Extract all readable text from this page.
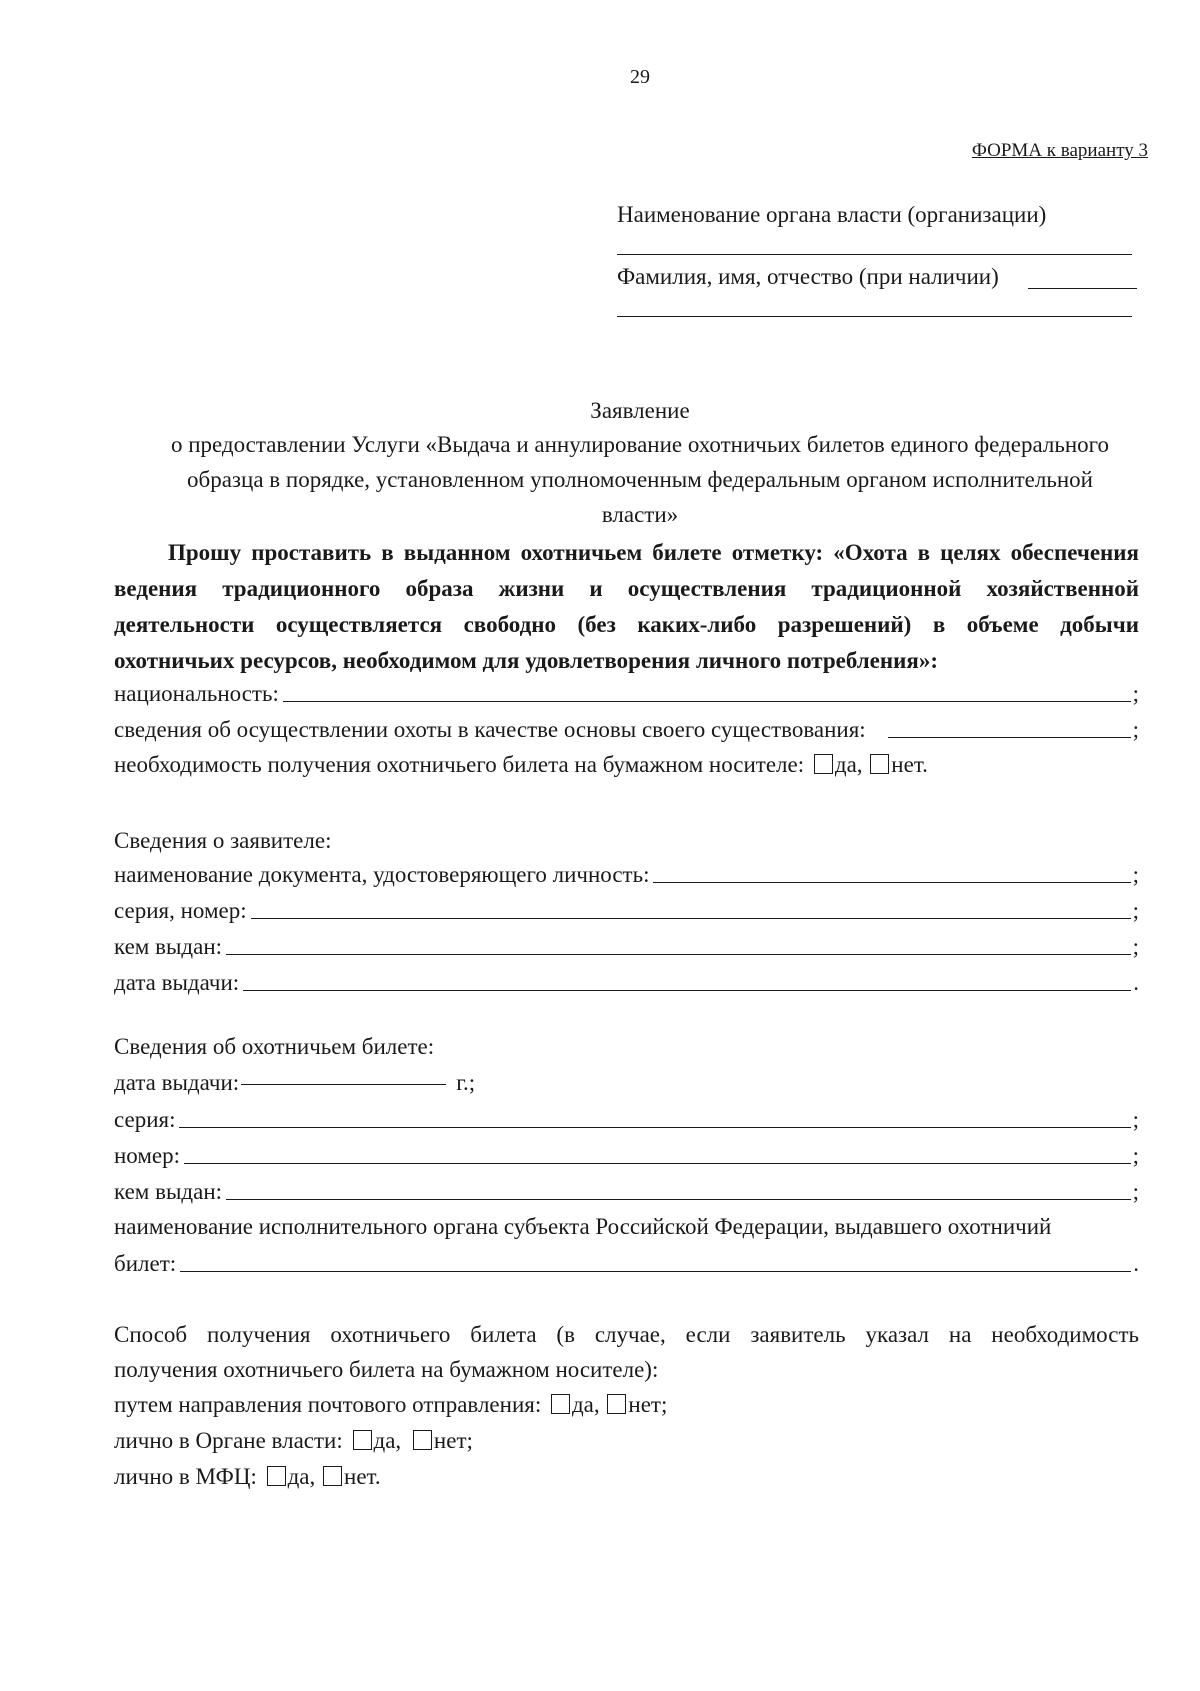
29
ФОРМА к варианту 3
Наименование органа власти (организации)
Фамилия, имя, отчество (при наличии)
Заявление
о предоставлении Услуги «Выдача и аннулирование охотничьих билетов единого федерального
образца в порядке, установленном уполномоченным федеральным органом исполнительной
власти»
Прошу проставить в выданном охотничьем билете отметку: «Охота в целях обеспечения
ведения традиционного образа жизни и осуществления традиционной хозяйственной
деятельности осуществляется свободно (без каких-либо разрешений) в объеме добычи
охотничьих ресурсов, необходимом для удовлетворения личного потребления»:
национальность:	;
сведения об осуществлении охоты в качестве основы своего существования:	;
необходимость получения охотничьего билета на бумажном носителе: да, нет.
Сведения о заявителе:
наименование документа, удостоверяющего личность:	;
серия, номер:	;
кем выдан:	;
дата выдачи:	.
Сведения об охотничьем билете:
дата выдачи:	г.;
серия:	;
номер:	;
кем выдан:	;
наименование исполнительного органа субъекта Российской Федерации, выдавшего охотничий
билет:	.
Способ получения охотничьего билета (в случае, если заявитель указал на необходимость
получения охотничьего билета на бумажном носителе):
путем направления почтового отправления: да, нет;
лично в Органе власти: да, нет;
лично в МФЦ: да, нет.
